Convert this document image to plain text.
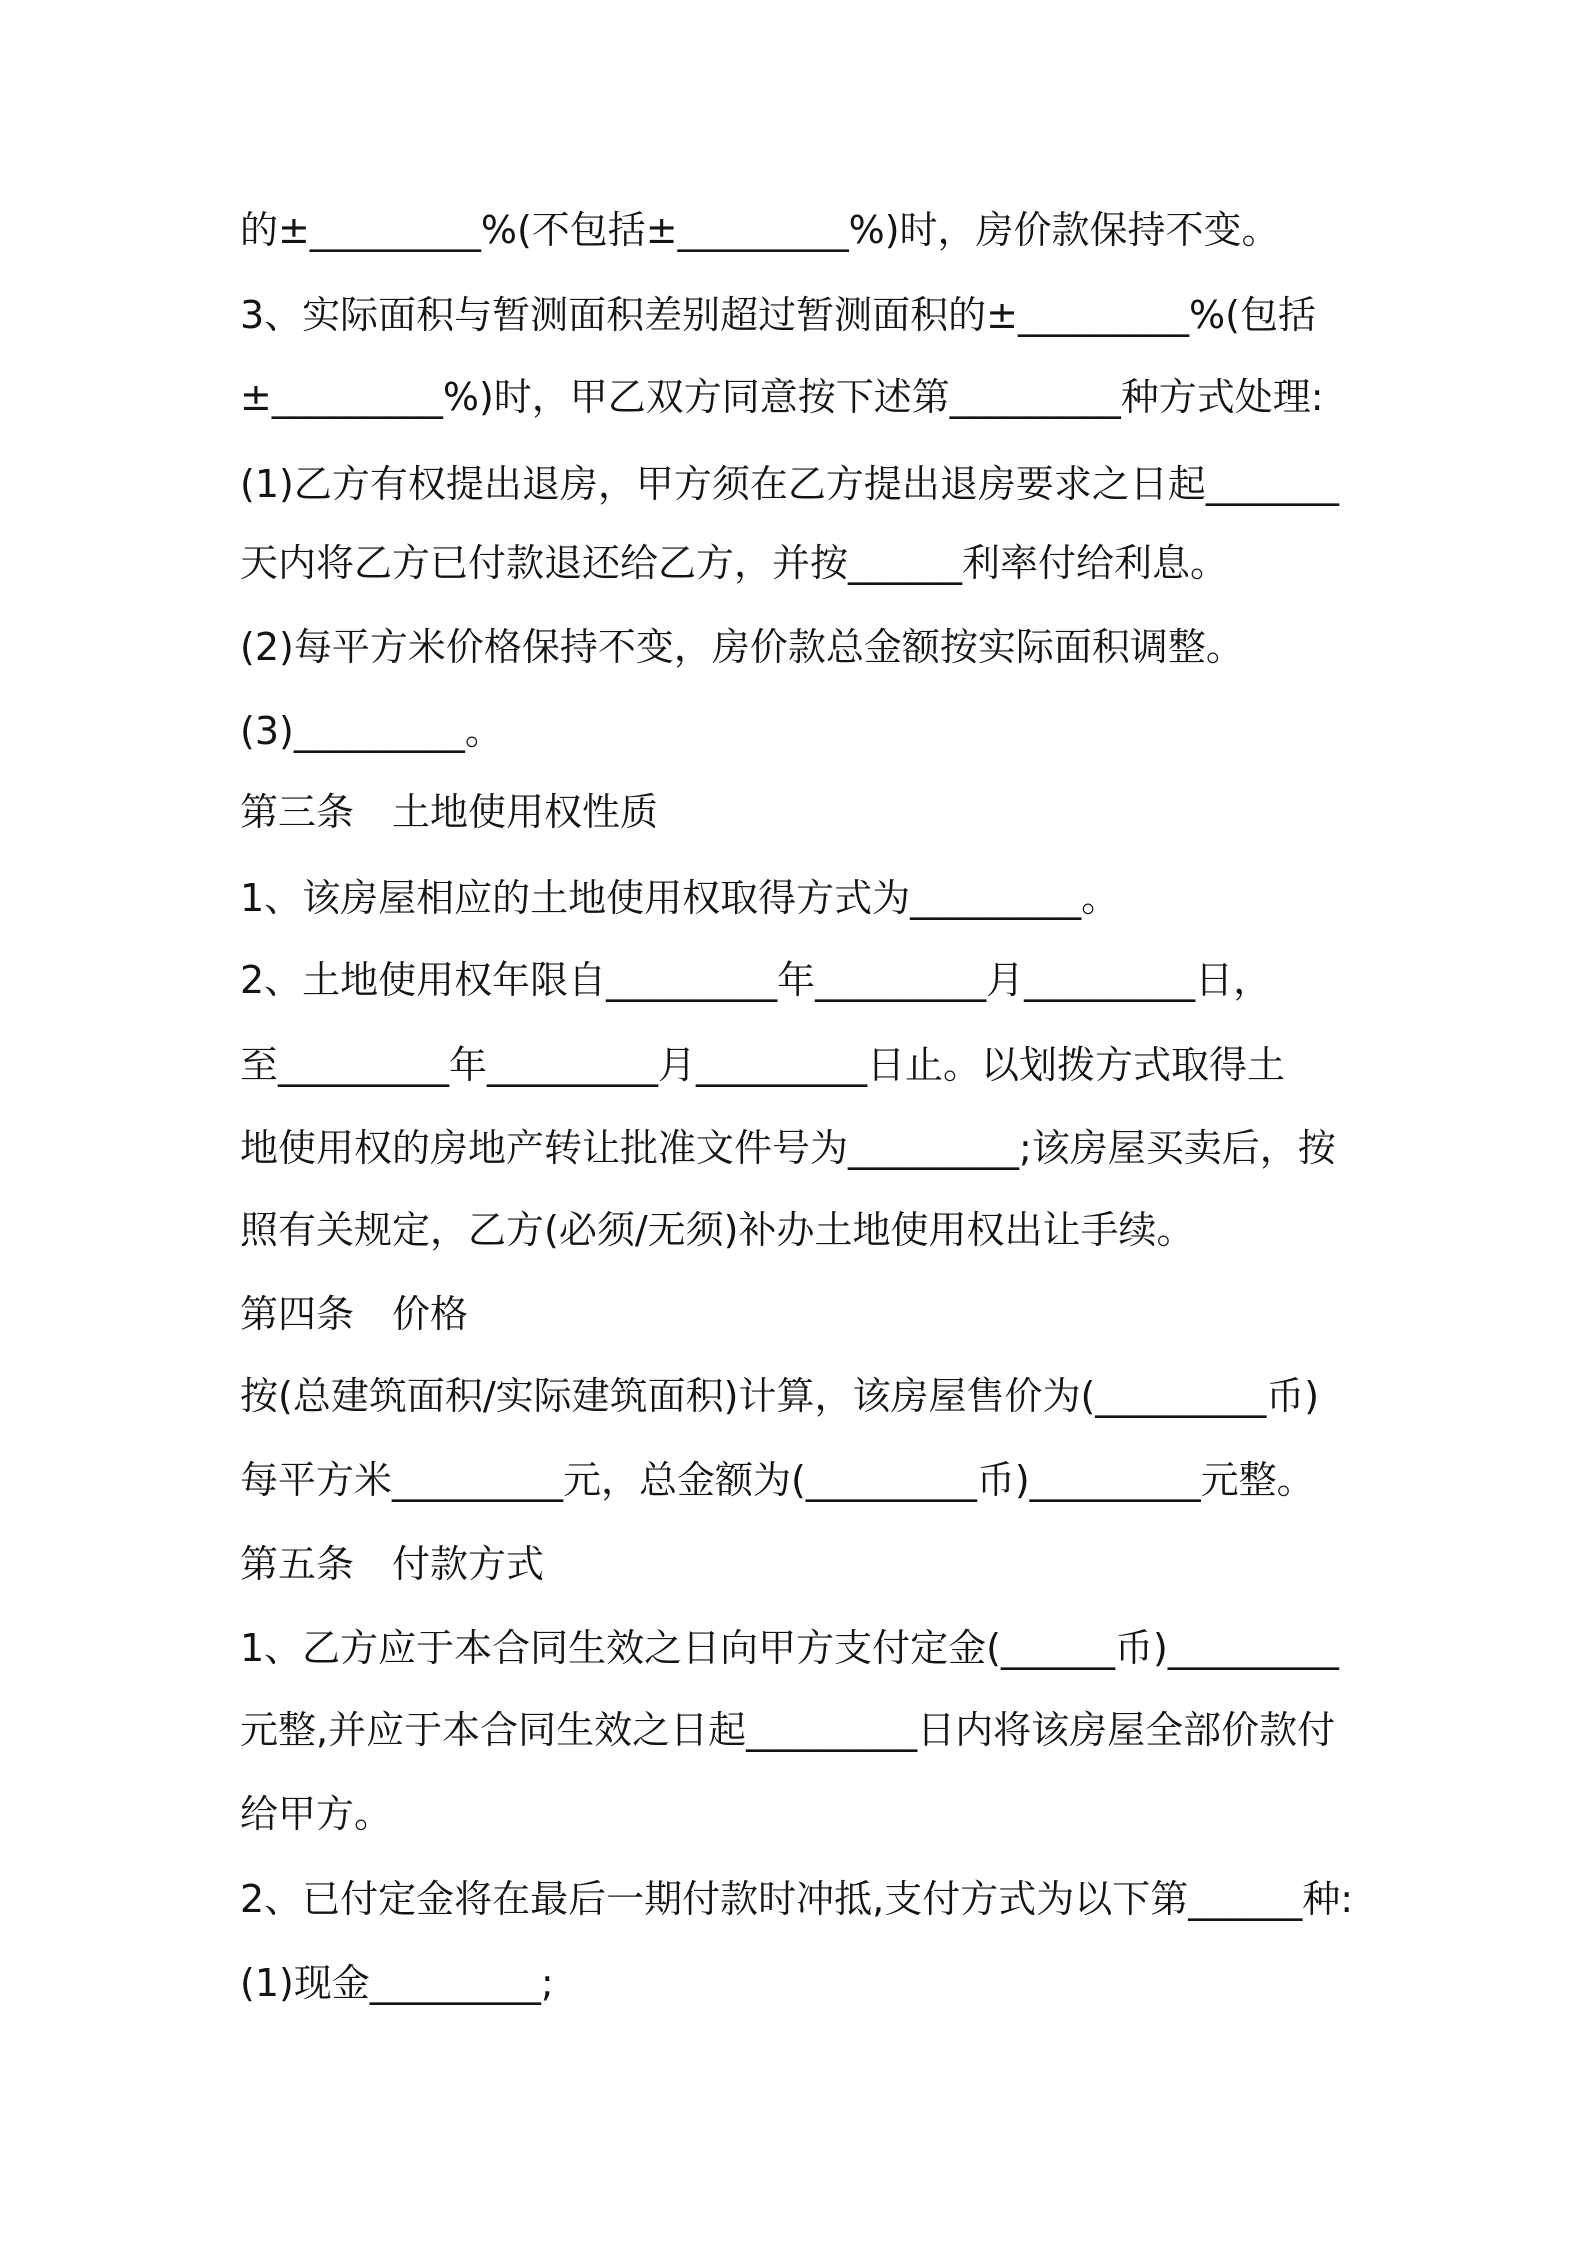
的±_________%(不包括±_________%)时，房价款保持不变。
3、实际面积与暂测面积差别超过暂测面积的±_________%(包括
±_________%)时，甲乙双方同意按下述第_________种方式处理:
(1)乙方有权提出退房，甲方须在乙方提出退房要求之日起_______
天内将乙方已付款退还给乙方，并按______利率付给利息。
(2)每平方米价格保持不变，房价款总金额按实际面积调整。
(3)_________。
第三条　土地使用权性质
1、该房屋相应的土地使用权取得方式为_________。
2、土地使用权年限自_________年_________月_________日，
至_________年_________月_________日止。以划拨方式取得土
地使用权的房地产转让批准文件号为_________;该房屋买卖后，按
照有关规定，乙方(必须/无须)补办土地使用权出让手续。
第四条　价格
按(总建筑面积/实际建筑面积)计算，该房屋售价为(_________币)
每平方米_________元，总金额为(_________币)_________元整。
第五条　付款方式
1、乙方应于本合同生效之日向甲方支付定金(______币)_________
元整,并应于本合同生效之日起_________日内将该房屋全部价款付
给甲方。
2、已付定金将在最后一期付款时冲抵,支付方式为以下第______种:
(1)现金_________;
